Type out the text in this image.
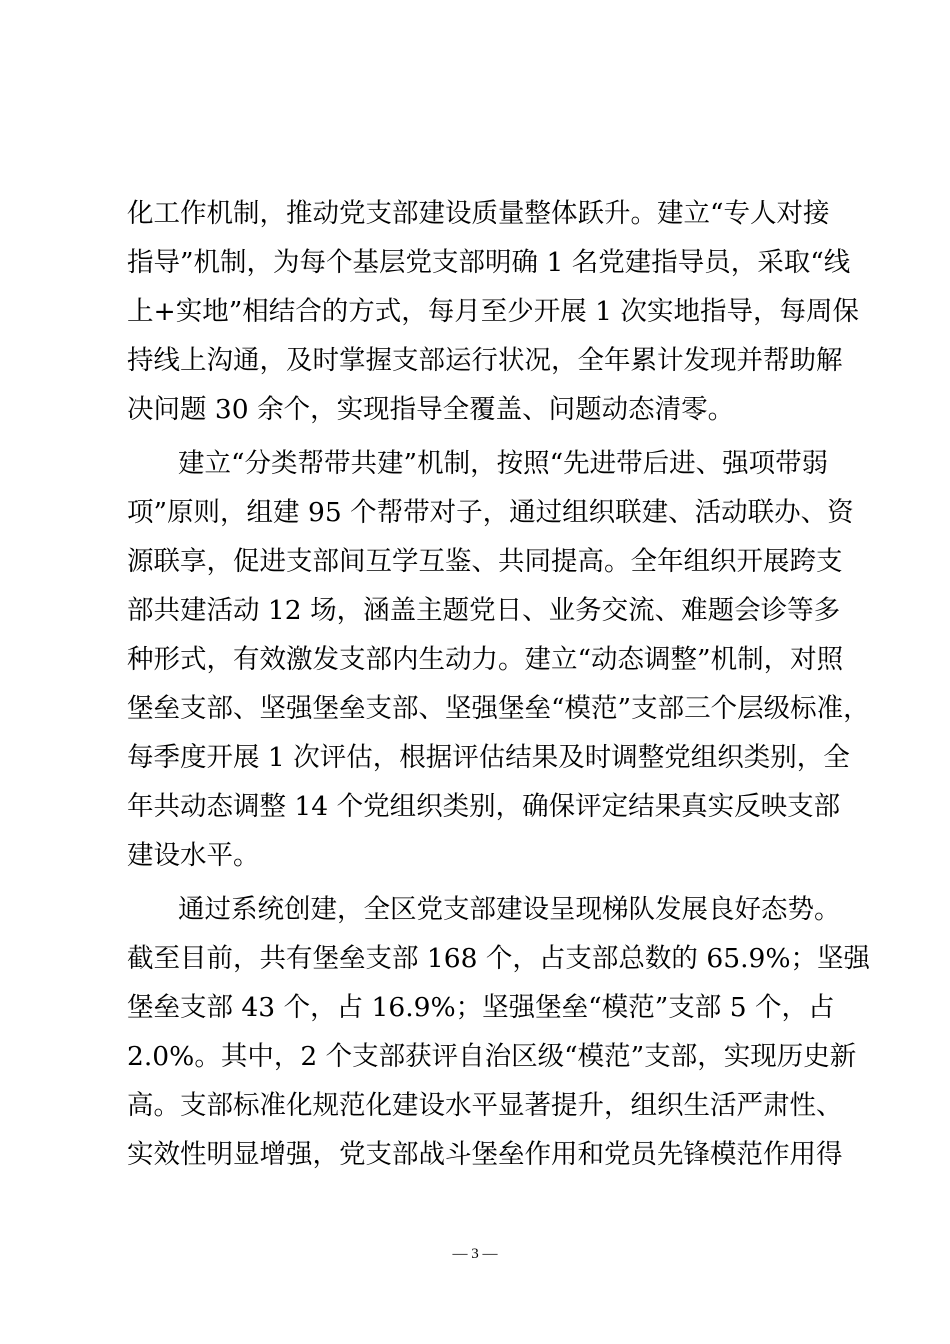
化工作机制，推动党支部建设质量整体跃升。建立“专人对接
指导”机制，为每个基层党支部明确 1 名党建指导员，采取“线
上+实地”相结合的方式，每月至少开展 1 次实地指导，每周保
持线上沟通，及时掌握支部运行状况，全年累计发现并帮助解
决问题 30 余个，实现指导全覆盖、问题动态清零。
建立“分类帮带共建”机制，按照“先进带后进、强项带弱
项”原则，组建 95 个帮带对子，通过组织联建、活动联办、资
源联享，促进支部间互学互鉴、共同提高。全年组织开展跨支
部共建活动 12 场，涵盖主题党日、业务交流、难题会诊等多
种形式，有效激发支部内生动力。建立“动态调整”机制，对照
堡垒支部、坚强堡垒支部、坚强堡垒“模范”支部三个层级标准，
每季度开展 1 次评估，根据评估结果及时调整党组织类别，全
年共动态调整 14 个党组织类别，确保评定结果真实反映支部
建设水平。
通过系统创建，全区党支部建设呈现梯队发展良好态势。
截至目前，共有堡垒支部 168 个，占支部总数的 65.9%；坚强
堡垒支部 43 个，占 16.9%；坚强堡垒“模范”支部 5 个，占
2.0%。其中，2 个支部获评自治区级“模范”支部，实现历史新
高。支部标准化规范化建设水平显著提升，组织生活严肃性、
实效性明显增强，党支部战斗堡垒作用和党员先锋模范作用得
— 3 —
